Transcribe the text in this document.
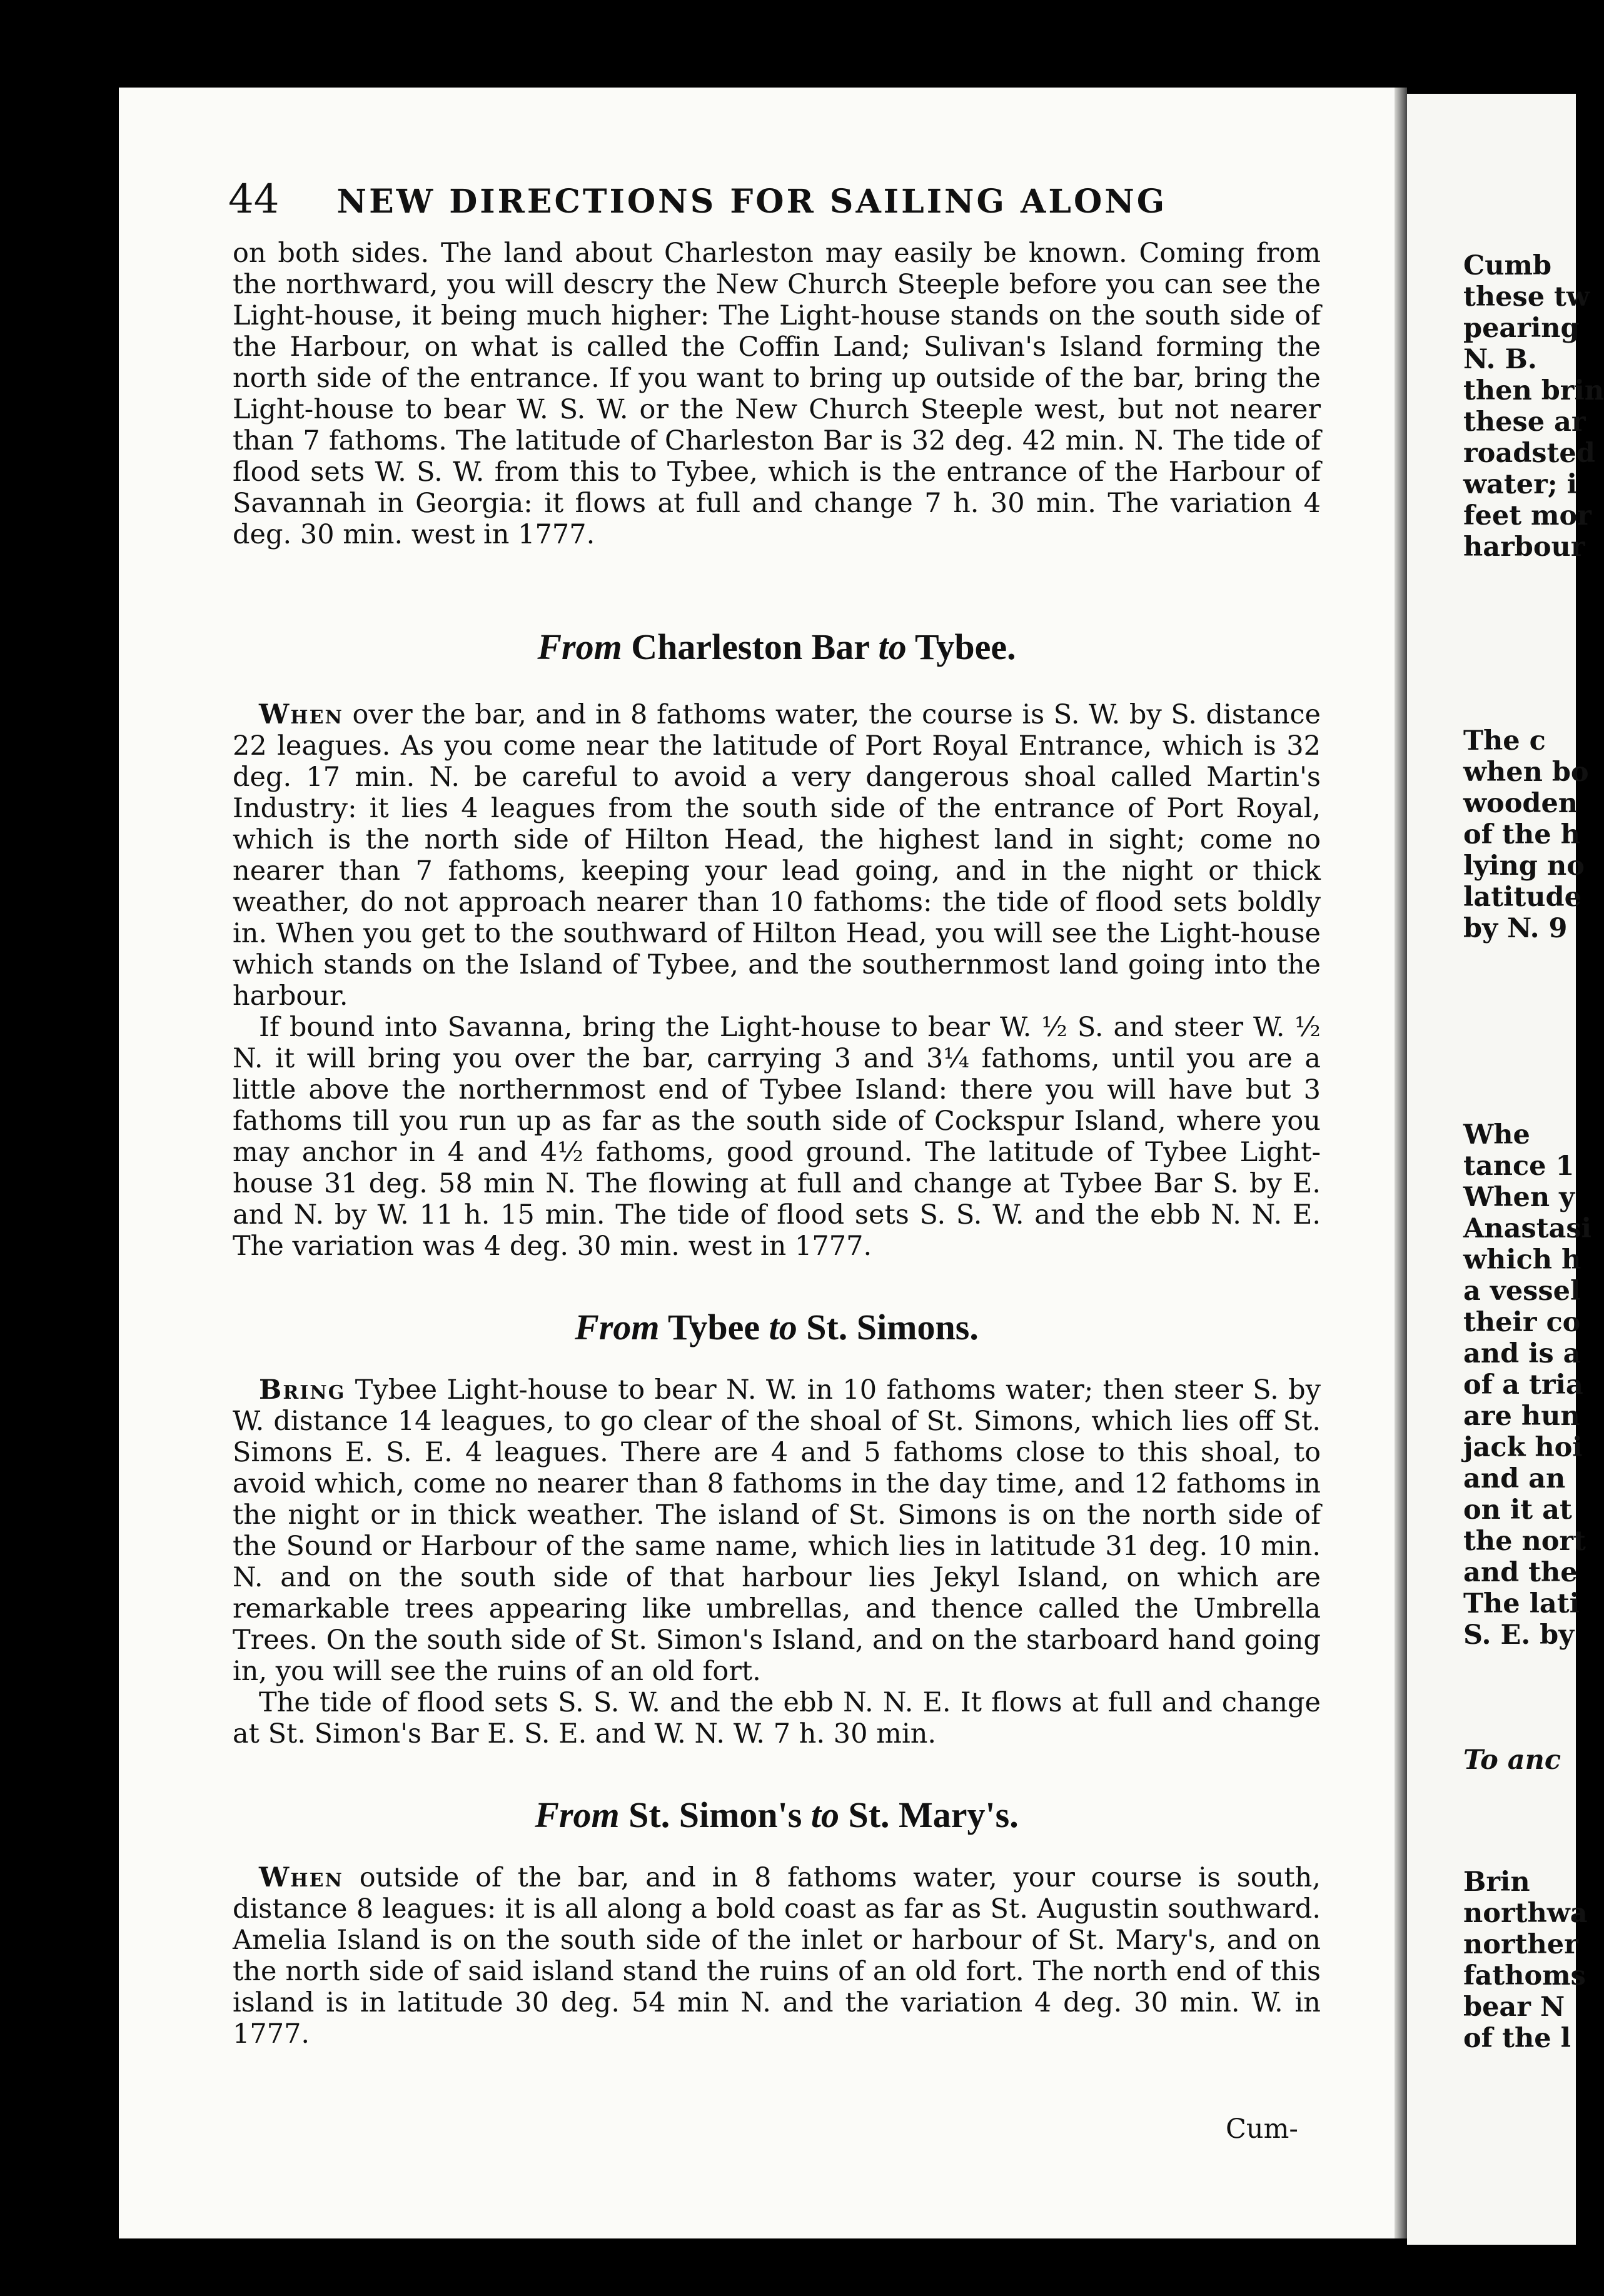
44 NEW DIRECTIONS FOR SAILING ALONG

on both sides. The land about Charleston may easily be known. Coming from the northward, you will descry the New Church Steeple before you can see the Light-house, it being much higher: The Light-house stands on the south side of the Harbour, on what is called the Coffin Land; Sulivan's Island forming the north side of the entrance. If you want to bring up outside of the bar, bring the Light-house to bear W. S. W. or the New Church Steeple west, but not nearer than 7 fathoms. The latitude of Charleston Bar is 32 deg. 42 min. N. The tide of flood sets W. S. W. from this to Tybee, which is the entrance of the Harbour of Savannah in Georgia: it flows at full and change 7 h. 30 min. The variation 4 deg. 30 min. west in 1777.

From Charleston Bar to Tybee.

When over the bar, and in 8 fathoms water, the course is S. W. by S. distance 22 leagues. As you come near the latitude of Port Royal Entrance, which is 32 deg. 17 min. N. be careful to avoid a very dangerous shoal called Martin's Industry: it lies 4 leagues from the south side of the entrance of Port Royal, which is the north side of Hilton Head, the highest land in sight; come no nearer than 7 fathoms, keeping your lead going, and in the night or thick weather, do not approach nearer than 10 fathoms: the tide of flood sets boldly in. When you get to the southward of Hilton Head, you will see the Light-house which stands on the Island of Tybee, and the southernmost land going into the harbour.

If bound into Savanna, bring the Light-house to bear W. ½ S. and steer W. ½ N. it will bring you over the bar, carrying 3 and 3¼ fathoms, until you are a little above the northernmost end of Tybee Island: there you will have but 3 fathoms till you run up as far as the south side of Cockspur Island, where you may anchor in 4 and 4½ fathoms, good ground. The latitude of Tybee Light-house 31 deg. 58 min N. The flowing at full and change at Tybee Bar S. by E. and N. by W. 11 h. 15 min. The tide of flood sets S. S. W. and the ebb N. N. E. The variation was 4 deg. 30 min. west in 1777.

From Tybee to St. Simons.

Bring Tybee Light-house to bear N. W. in 10 fathoms water; then steer S. by W. distance 14 leagues, to go clear of the shoal of St. Simons, which lies off St. Simons E. S. E. 4 leagues. There are 4 and 5 fathoms close to this shoal, to avoid which, come no nearer than 8 fathoms in the day time, and 12 fathoms in the night or in thick weather. The island of St. Simons is on the north side of the Sound or Harbour of the same name, which lies in latitude 31 deg. 10 min. N. and on the south side of that harbour lies Jekyl Island, on which are remarkable trees appearing like umbrellas, and thence called the Umbrella Trees. On the south side of St. Simon's Island, and on the starboard hand going in, you will see the ruins of an old fort.

The tide of flood sets S. S. W. and the ebb N. N. E. It flows at full and change at St. Simon's Bar E. S. E. and W. N. W. 7 h. 30 min.

From St. Simon's to St. Mary's.

When outside of the bar, and in 8 fathoms water, your course is south, distance 8 leagues: it is all along a bold coast as far as St. Augustin southward. Amelia Island is on the south side of the inlet or harbour of St. Mary's, and on the north side of said island stand the ruins of an old fort. The north end of this island is in latitude 30 deg. 54 min N. and the variation 4 deg. 30 min. W. in 1777.

Cum-
Cumb
these tw
pearing
N. B.
then brin
these ar
roadsted
water; i
feet mor
harbour
The c
when bo
wooden
of the h
lying no
latitude
by N. 9
Whe
tance 1
When y
Anastasi
which h
a vessel
their co
and is a
of a tria
are hun
jack hoi
and an
on it at
the nort
and the
The lati
S. E. by
To anc
Brin
northwa
norther
fathoms
bear N
of the l
